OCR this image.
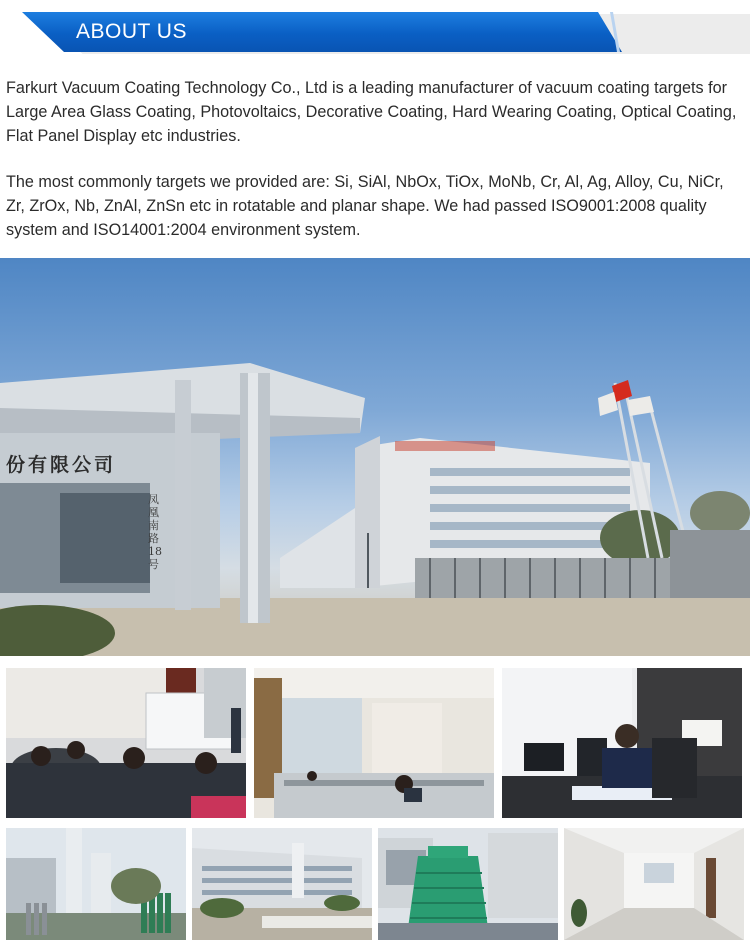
ABOUT US

Farkurt Vacuum Coating Technology Co., Ltd is a leading manufacturer of vacuum coating targets for Large Area Glass Coating, Photovoltaics, Decorative Coating, Hard Wearing Coating, Optical Coating, Flat Panel Display etc industries.

The most commonly targets we provided are: Si, SiAl, NbOx, TiOx, MoNb, Cr, Al, Ag, Alloy, Cu, NiCr, Zr, ZrOx, Nb, ZnAl, ZnSn etc in rotatable and planar shape. We had passed ISO9001:2008 quality system and ISO14001:2004 environment system.

份有限公司
凤凰南路18号
